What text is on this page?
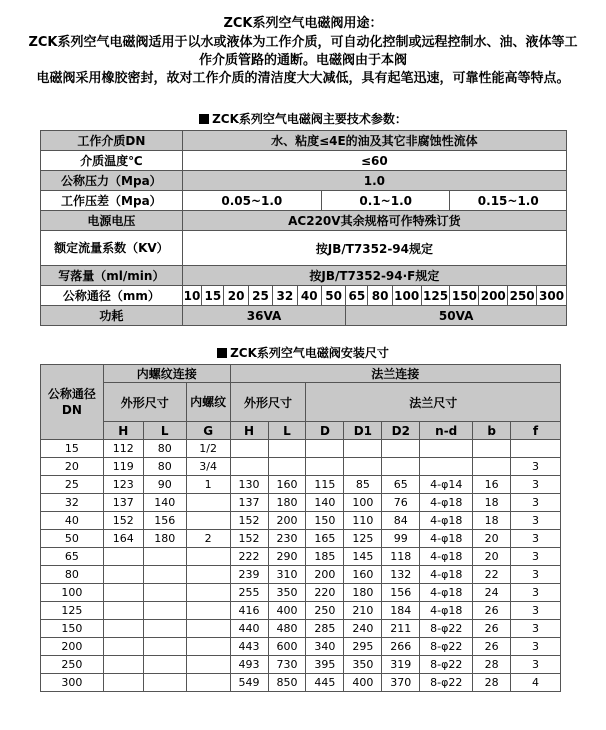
ZCK系列空气电磁阀用途：
ZCK系列空气电磁阀适用于以水或液体为工作介质，可自动化控制或远程控制水、油、液体等工
作介质管路的通断。电磁阀由于本阀
电磁阀采用橡胶密封，故对工作介质的清洁度大大减低，具有起笔迅速，可靠性能高等特点。
ZCK系列空气电磁阀主要技术参数：
工作介质DN	水、粘度≤4E的油及其它非腐蚀性流体														
介质温度℃	≤60														
公称压力（Mpa）	1.0														
工作压差（Mpa）	0.05~1.0						0.1~1.0					0.15~1.0			
电源电压	AC220V其余规格可作特殊订货														
额定流量系数（KV）	按JB/T7352-94规定														
写落量（ml/min）	按JB/T7352-94·F规定														
公称通径（mm）	10	15	20	25	32	40	50	65	80	100	125	150	200	250	300
功耗	36VA							50VA							
ZCK系列空气电磁阀安装尺寸
公称通径DN	内螺纹连接			法兰连接							
	外形尺寸		内螺纹	外形尺寸		法兰尺寸					
	H	L	G	H	L	D	D1	D2	n-d	b	f
15	112	80	1/2								
20	119	80	3/4								3
25	123	90	1	130	160	115	85	65	4-φ14	16	3
32	137	140		137	180	140	100	76	4-φ18	18	3
40	152	156		152	200	150	110	84	4-φ18	18	3
50	164	180	2	152	230	165	125	99	4-φ18	20	3
65				222	290	185	145	118	4-φ18	20	3
80				239	310	200	160	132	4-φ18	22	3
100				255	350	220	180	156	4-φ18	24	3
125				416	400	250	210	184	4-φ18	26	3
150				440	480	285	240	211	8-φ22	26	3
200				443	600	340	295	266	8-φ22	26	3
250				493	730	395	350	319	8-φ22	28	3
300				549	850	445	400	370	8-φ22	28	4
